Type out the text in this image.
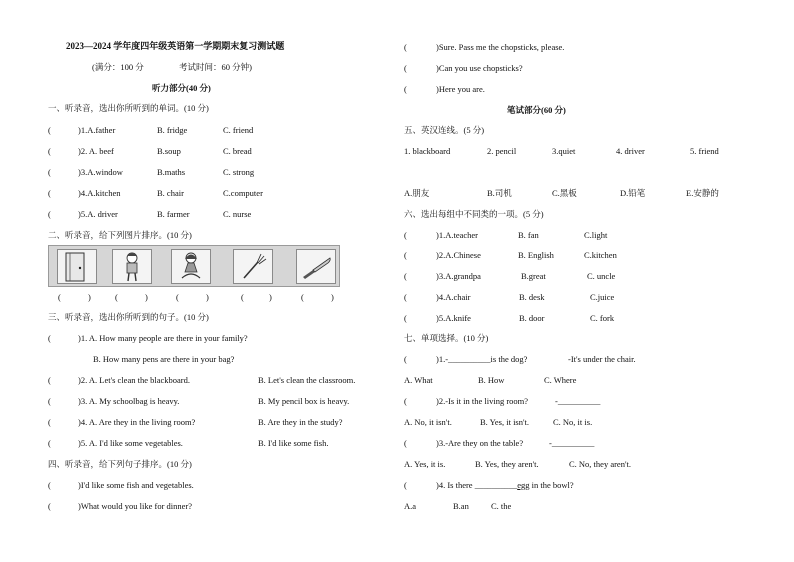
2023—2024 学年度四年级英语第一学期期末复习测试题
(满分：100 分	考试时间：60 分钟)
听力部分(40 分)
一、听录音，选出你所听到的单词。(10 分)
(	)1.A.father	B. fridge	C. friend
(	)2. A. beef	B.soup	C. bread
(	)3.A.window	B.maths	C. strong
(	)4.A.kitchen	B. chair	C.computer
(	)5.A. driver	B. farmer	C. nurse
二、听录音，给下列图片排序。(10 分)
(	)	(	)	(	)	(	)	(	)
三、听录音，选出你所听到的句子。(10 分)
(	)1. A. How many people are there in your family?
B. How many pens are there in your bag?
(	)2. A. Let's clean the blackboard.	B. Let's clean the classroom.
(	)3. A. My schoolbag is heavy.	B. My pencil box is heavy.
(	)4. A. Are they in the living room?	B. Are they in the study?
(	)5. A. I'd like some vegetables.	B. I'd like some fish.
四、听录音，给下列句子排序。(10 分)
(	)I'd like some fish and vegetables.
(	)What would you like for dinner?
(	)Sure. Pass me the chopsticks, please.
(	)Can you use chopsticks?
(	)Here you are.
笔试部分(60 分)
五、英汉连线。(5 分)
1. blackboard	2. pencil	3.quiet	4. driver	5. friend
A.朋友	B.司机	C.黑板	D.铅笔	E.安静的
六、选出每组中不同类的一项。(5 分)
(	)1.A.teacher	B. fan	C.light
(	)2.A.Chinese	B. English	C.kitchen
(	)3.A.grandpa	B.great	C. uncle
(	)4.A.chair	B. desk	C.juice
(	)5.A.knife	B. door	C. fork
七、单项选择。(10 分)
(	)1.-__________is the dog?	-It's under the chair.
A. What	B. How	C. Where
(	)2.-Is it in the living room?	-__________
A. No, it isn't.	B. Yes, it isn't.	C. No, it is.
(	)3.-Are they on the table?	-__________
A. Yes, it is.	B. Yes, they aren't.	C. No, they aren't.
(	)4. Is there __________egg in the bowl?
A.a	B.an	C. the
